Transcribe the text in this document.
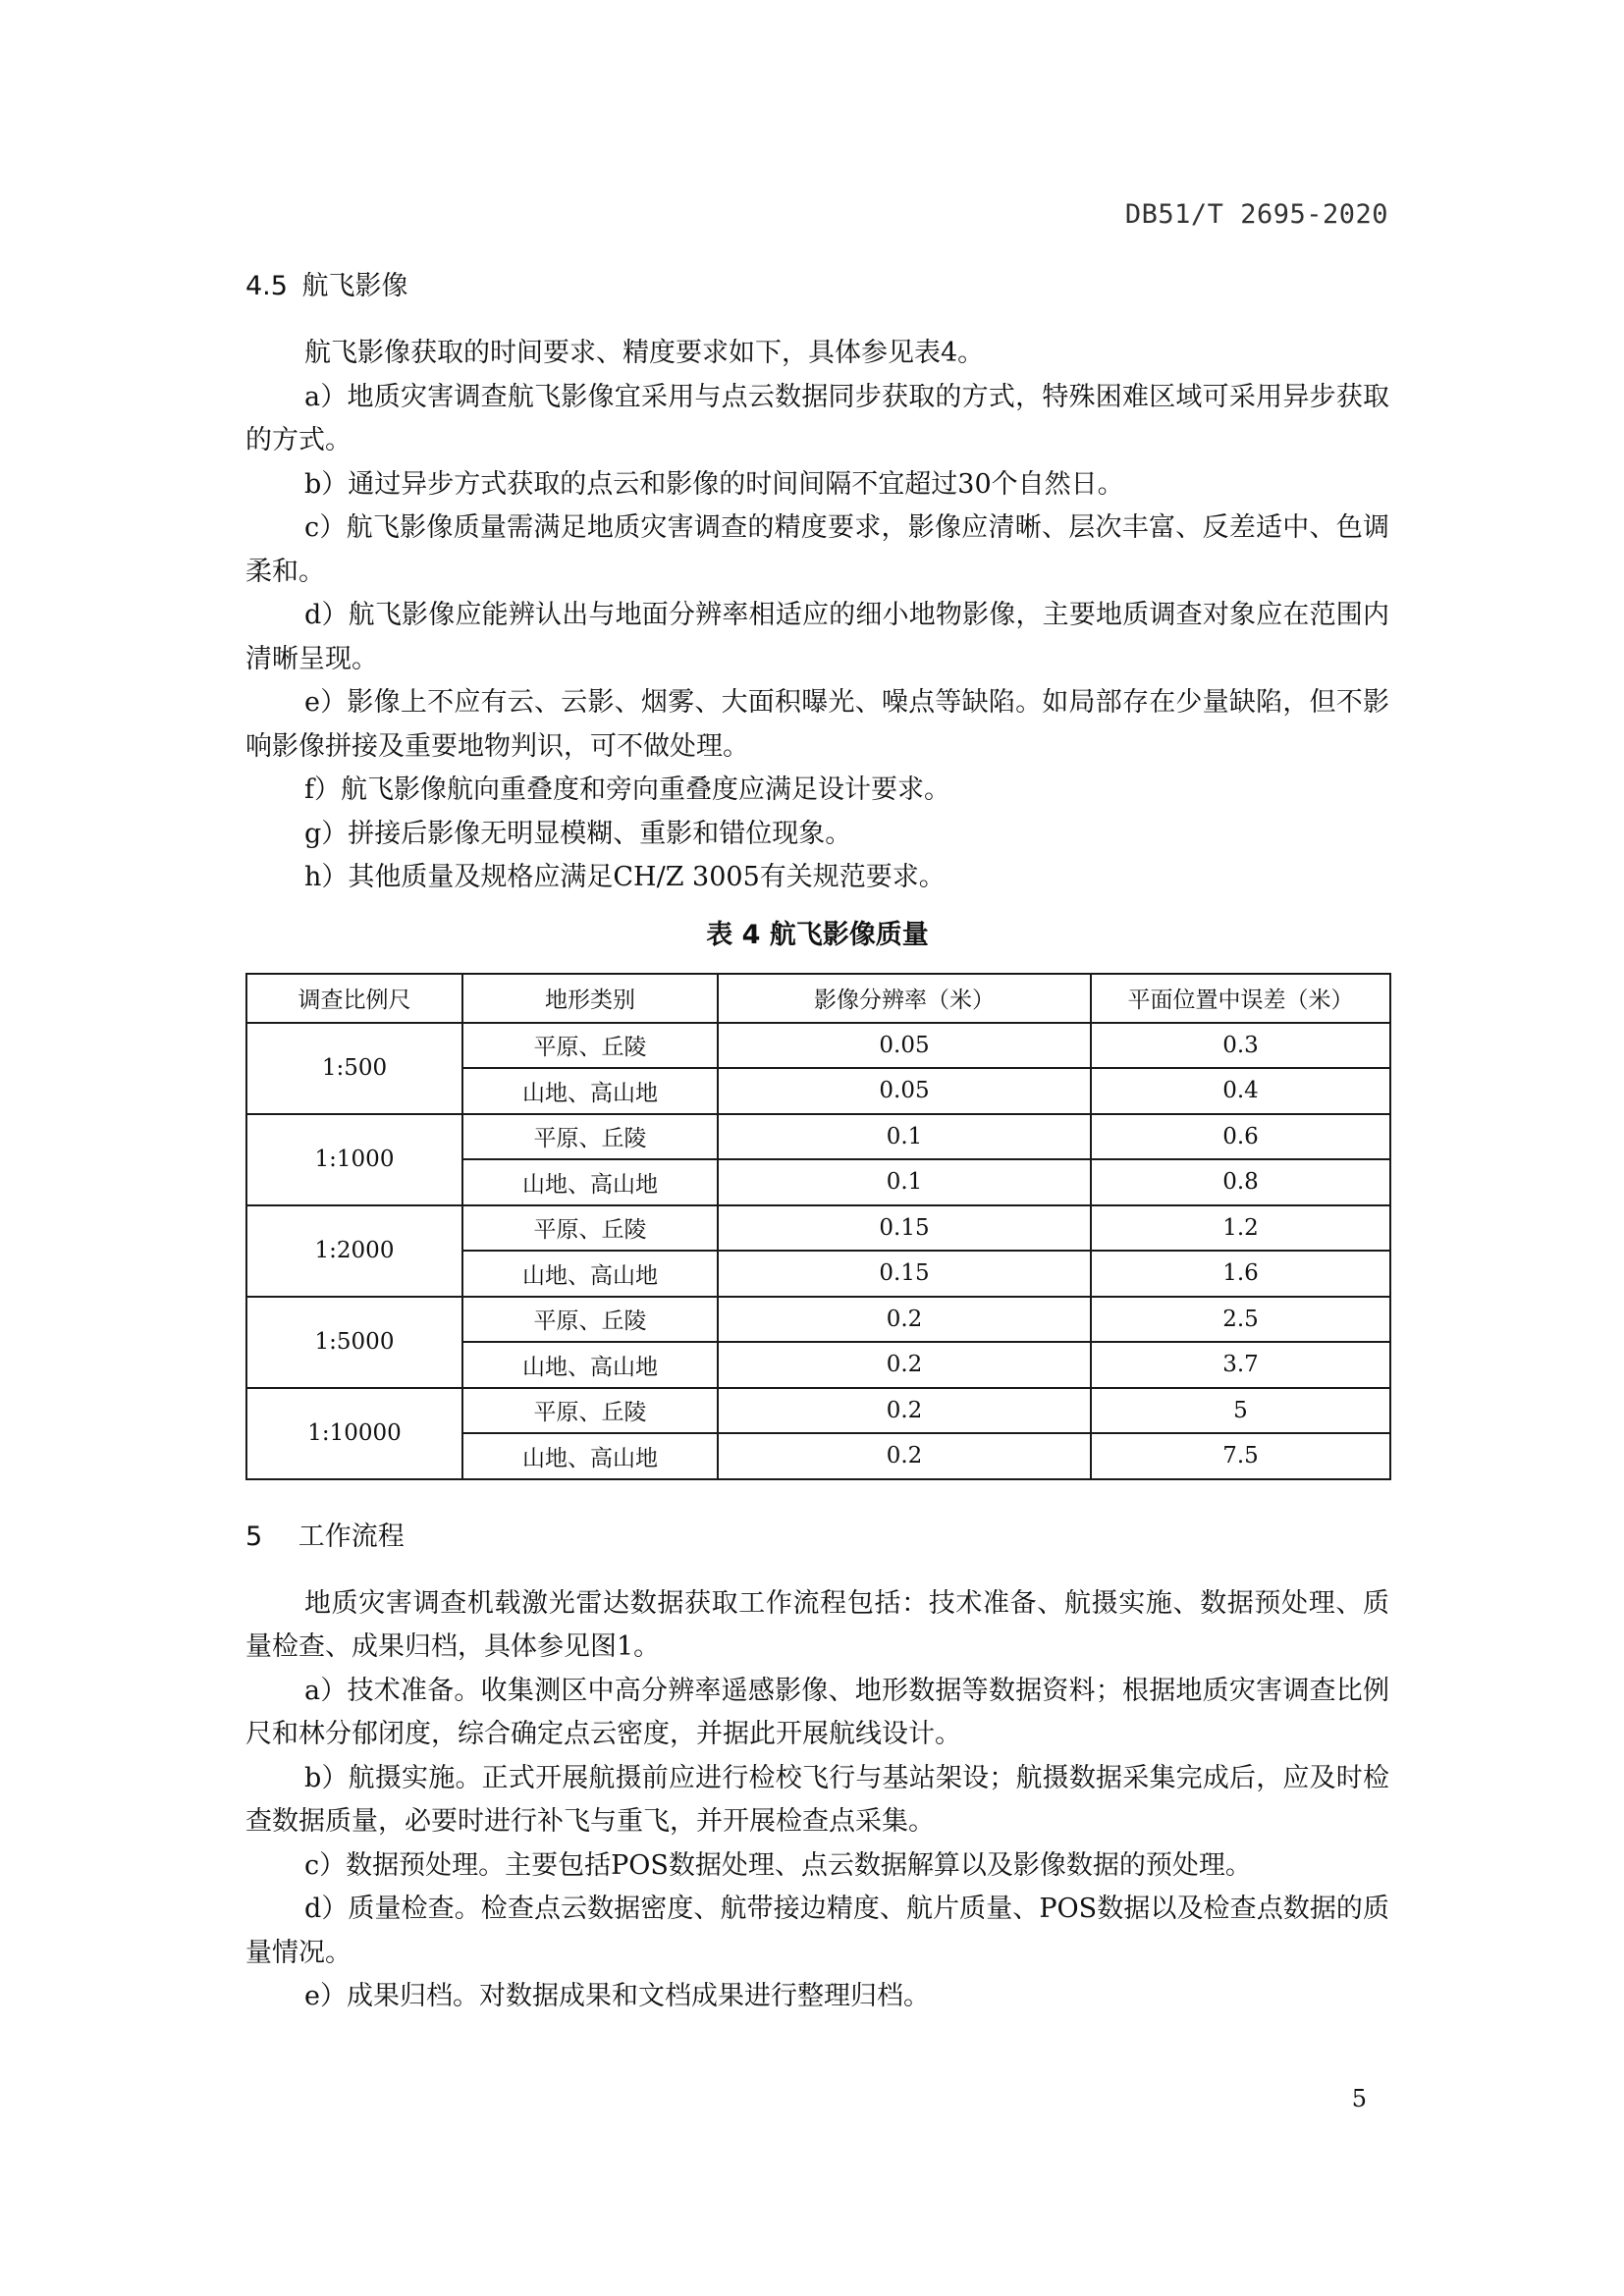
DB51/T 2695-2020
4.5 航飞影像

航飞影像获取的时间要求、精度要求如下，具体参见表4。

a）地质灾害调查航飞影像宜采用与点云数据同步获取的方式，特殊困难区域可采用异步获取的方式。

b）通过异步方式获取的点云和影像的时间间隔不宜超过30个自然日。

c）航飞影像质量需满足地质灾害调查的精度要求，影像应清晰、层次丰富、反差适中、色调柔和。

d）航飞影像应能辨认出与地面分辨率相适应的细小地物影像，主要地质调查对象应在范围内清晰呈现。

e）影像上不应有云、云影、烟雾、大面积曝光、噪点等缺陷。如局部存在少量缺陷，但不影响影像拼接及重要地物判识，可不做处理。

f）航飞影像航向重叠度和旁向重叠度应满足设计要求。

g）拼接后影像无明显模糊、重影和错位现象。

h）其他质量及规格应满足CH/Z 3005有关规范要求。

表 4 航飞影像质量
调查比例尺	地形类别	影像分辨率（米）	平面位置中误差（米）
1:500	平原、丘陵	0.05	0.3
	山地、高山地	0.05	0.4
1:1000	平原、丘陵	0.1	0.6
	山地、高山地	0.1	0.8
1:2000	平原、丘陵	0.15	1.2
	山地、高山地	0.15	1.6
1:5000	平原、丘陵	0.2	2.5
	山地、高山地	0.2	3.7
1:10000	平原、丘陵	0.2	5
	山地、高山地	0.2	7.5
5 工作流程

地质灾害调查机载激光雷达数据获取工作流程包括：技术准备、航摄实施、数据预处理、质量检查、成果归档，具体参见图1。

a）技术准备。收集测区中高分辨率遥感影像、地形数据等数据资料；根据地质灾害调查比例尺和林分郁闭度，综合确定点云密度，并据此开展航线设计。

b）航摄实施。正式开展航摄前应进行检校飞行与基站架设；航摄数据采集完成后，应及时检查数据质量，必要时进行补飞与重飞，并开展检查点采集。

c）数据预处理。主要包括POS数据处理、点云数据解算以及影像数据的预处理。

d）质量检查。检查点云数据密度、航带接边精度、航片质量、POS数据以及检查点数据的质量情况。

e）成果归档。对数据成果和文档成果进行整理归档。

5
